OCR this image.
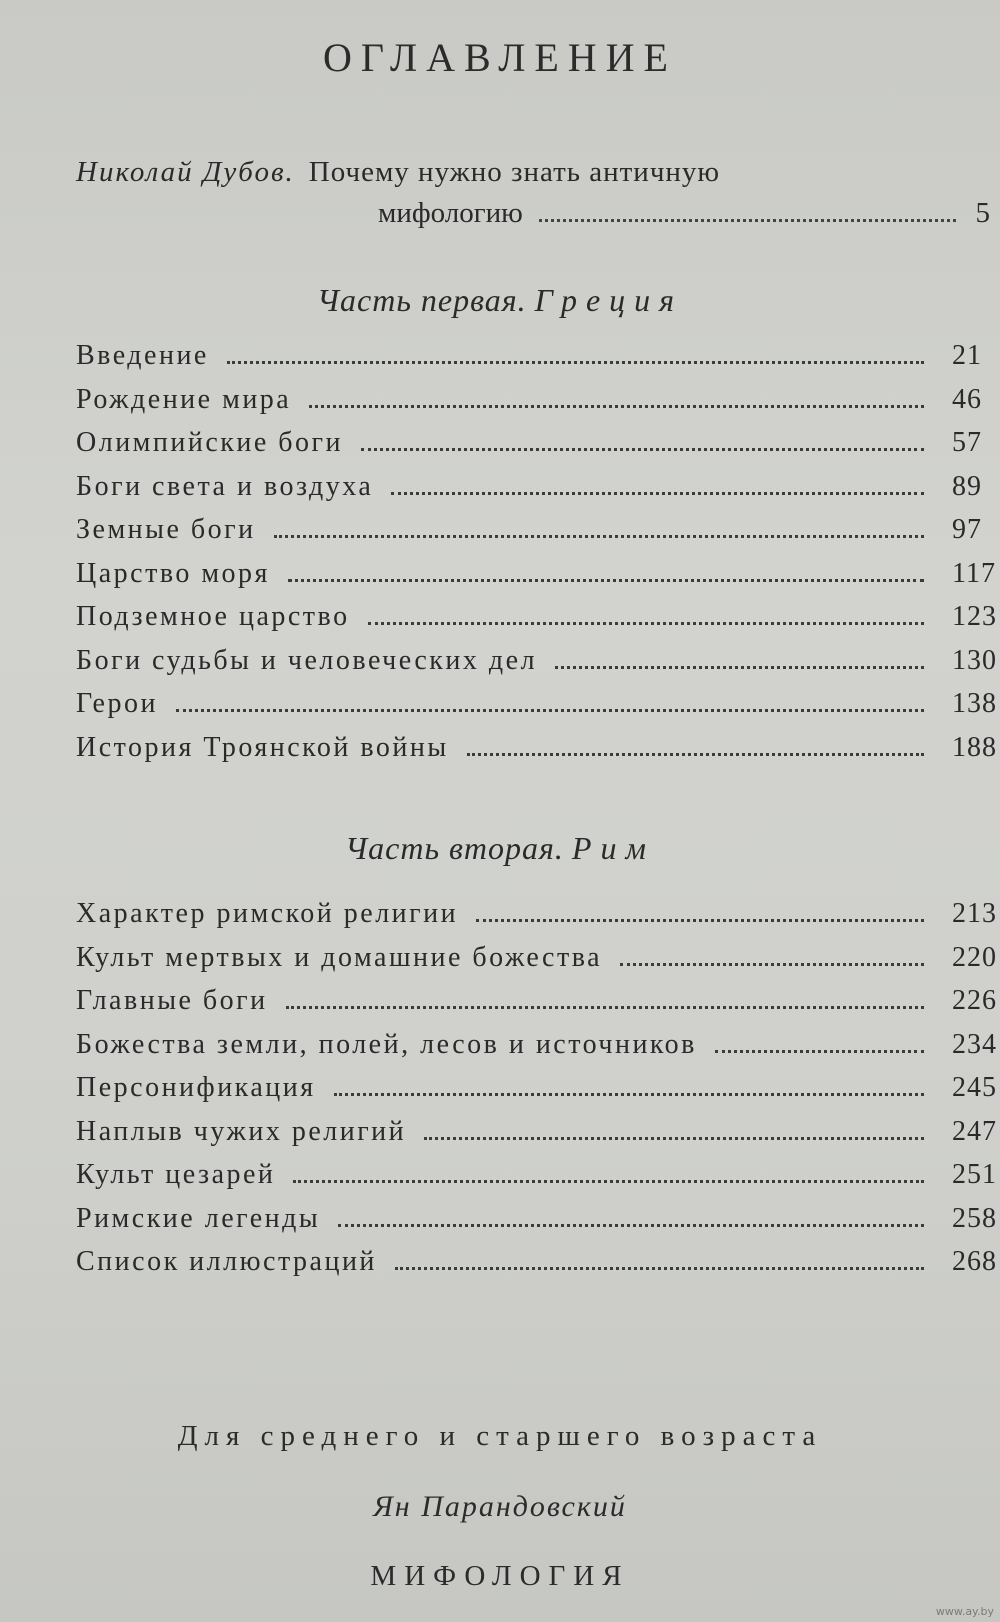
ОГЛАВЛЕНИЕ
Николай Дубов. Почему нужно знать античную
мифологию	5
Часть первая. Греция
Введение	21
Рождение мира	46
Олимпийские боги	57
Боги света и воздуха	89
Земные боги	97
Царство моря	117
Подземное царство	123
Боги судьбы и человеческих дел	130
Герои	138
История Троянской войны	188
Часть вторая. Рим
Характер римской религии	213
Культ мертвых и домашние божества	220
Главные боги	226
Божества земли, полей, лесов и источников	234
Персонификация	245
Наплыв чужих религий	247
Культ цезарей	251
Римские легенды	258
Список иллюстраций	268
Для среднего и старшего возраста
Ян Парандовский
МИФОЛОГИЯ
www.ay.by
